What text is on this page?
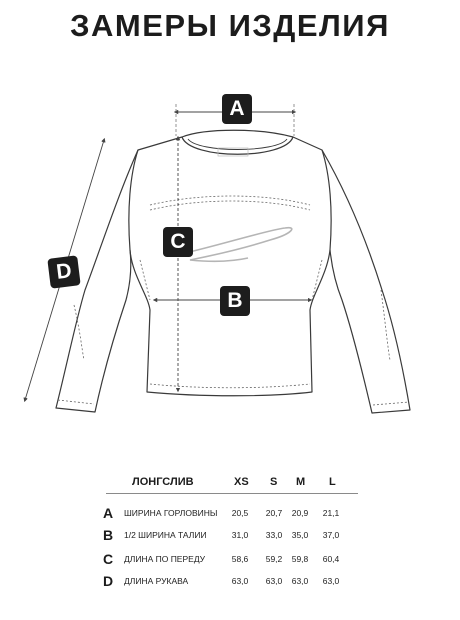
ЗАМЕРЫ ИЗДЕЛИЯ
A
C
B
D
ЛОНГСЛИВ	XS S M L
A ШИРИНА ГОРЛОВИНЫ	20,5	20,7	20,9	21,1
B 1/2 ШИРИНА ТАЛИИ	31,0	33,0	35,0	37,0
C ДЛИНА ПО ПЕРЕДУ	58,6	59,2	59,8	60,4
D ДЛИНА РУКАВА	63,0	63,0	63,0	63,0
